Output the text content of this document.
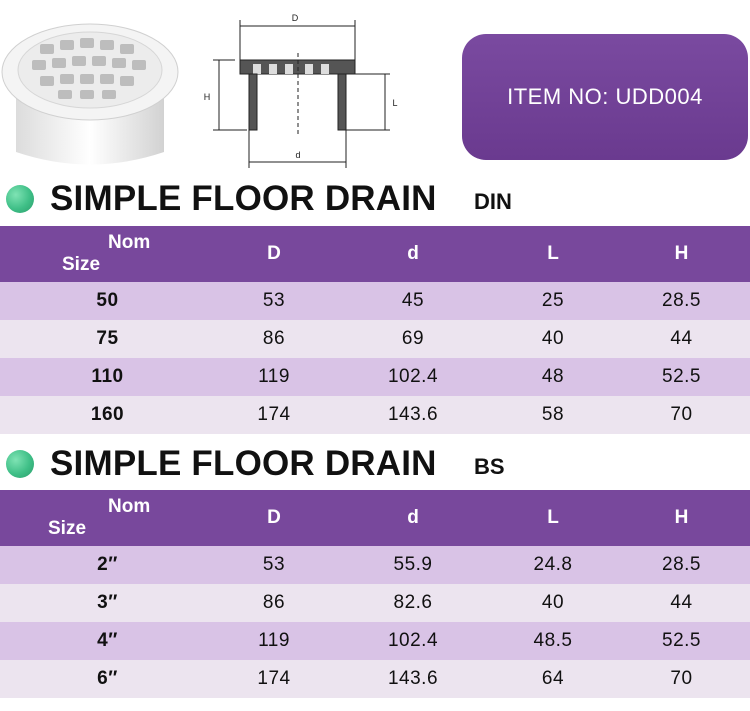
D
d
H
L	ITEM NO: UDD004
SIMPLE FLOOR DRAIN DIN
Nom
Size	D	d	L	H
50	53	45	25	28.5
75	86	69	40	44
110	119	102.4	48	52.5
160	174	143.6	58	70
SIMPLE FLOOR DRAIN BS
Nom
Size	D	d	L	H
2″	53	55.9	24.8	28.5
3″	86	82.6	40	44
4″	119	102.4	48.5	52.5
6″	174	143.6	64	70
